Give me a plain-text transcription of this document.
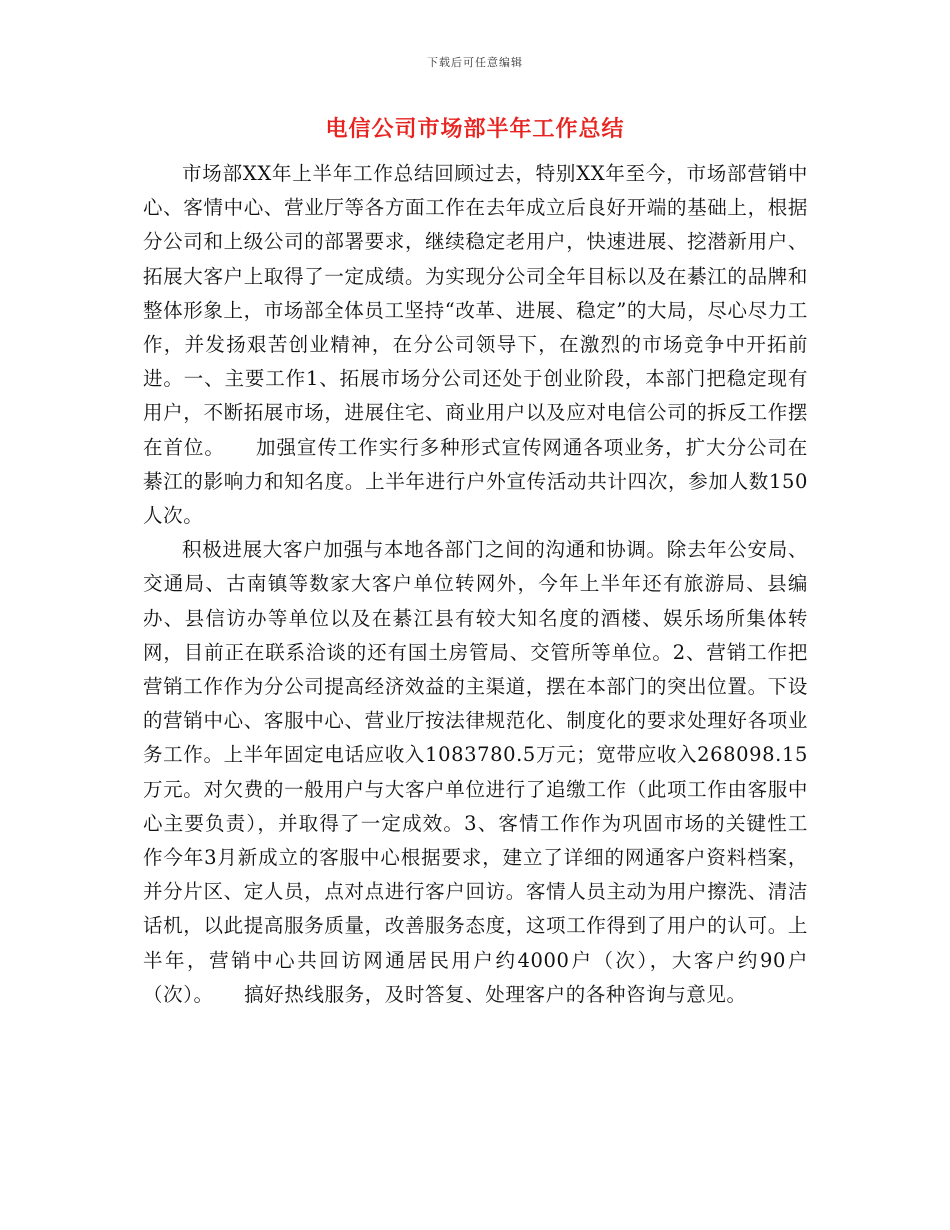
下载后可任意编辑
电信公司市场部半年工作总结

市场部XX年上半年工作总结回顾过去，特别XX年至今，市场部营销中心、客情中心、营业厅等各方面工作在去年成立后良好开端的基础上，根据分公司和上级公司的部署要求，继续稳定老用户，快速进展、挖潜新用户、拓展大客户上取得了一定成绩。为实现分公司全年目标以及在綦江的品牌和整体形象上，市场部全体员工坚持“改革、进展、稳定”的大局，尽心尽力工作，并发扬艰苦创业精神，在分公司领导下，在激烈的市场竞争中开拓前进。一、主要工作1、拓展市场分公司还处于创业阶段，本部门把稳定现有用户，不断拓展市场，进展住宅、商业用户以及应对电信公司的拆反工作摆在首位。　　加强宣传工作实行多种形式宣传网通各项业务，扩大分公司在綦江的影响力和知名度。上半年进行户外宣传活动共计四次，参加人数150人次。

积极进展大客户加强与本地各部门之间的沟通和协调。除去年公安局、交通局、古南镇等数家大客户单位转网外，今年上半年还有旅游局、县编办、县信访办等单位以及在綦江县有较大知名度的酒楼、娱乐场所集体转网，目前正在联系洽谈的还有国土房管局、交管所等单位。2、营销工作把营销工作作为分公司提高经济效益的主渠道，摆在本部门的突出位置。下设的营销中心、客服中心、营业厅按法律规范化、制度化的要求处理好各项业务工作。上半年固定电话应收入1083780.5万元；宽带应收入268098.15万元。对欠费的一般用户与大客户单位进行了追缴工作（此项工作由客服中心主要负责），并取得了一定成效。3、客情工作作为巩固市场的关键性工作今年3月新成立的客服中心根据要求，建立了详细的网通客户资料档案，并分片区、定人员，点对点进行客户回访。客情人员主动为用户擦洗、清洁话机，以此提高服务质量，改善服务态度，这项工作得到了用户的认可。上半年，营销中心共回访网通居民用户约4000户（次），大客户约90户（次）。　　搞好热线服务，及时答复、处理客户的各种咨询与意见。
